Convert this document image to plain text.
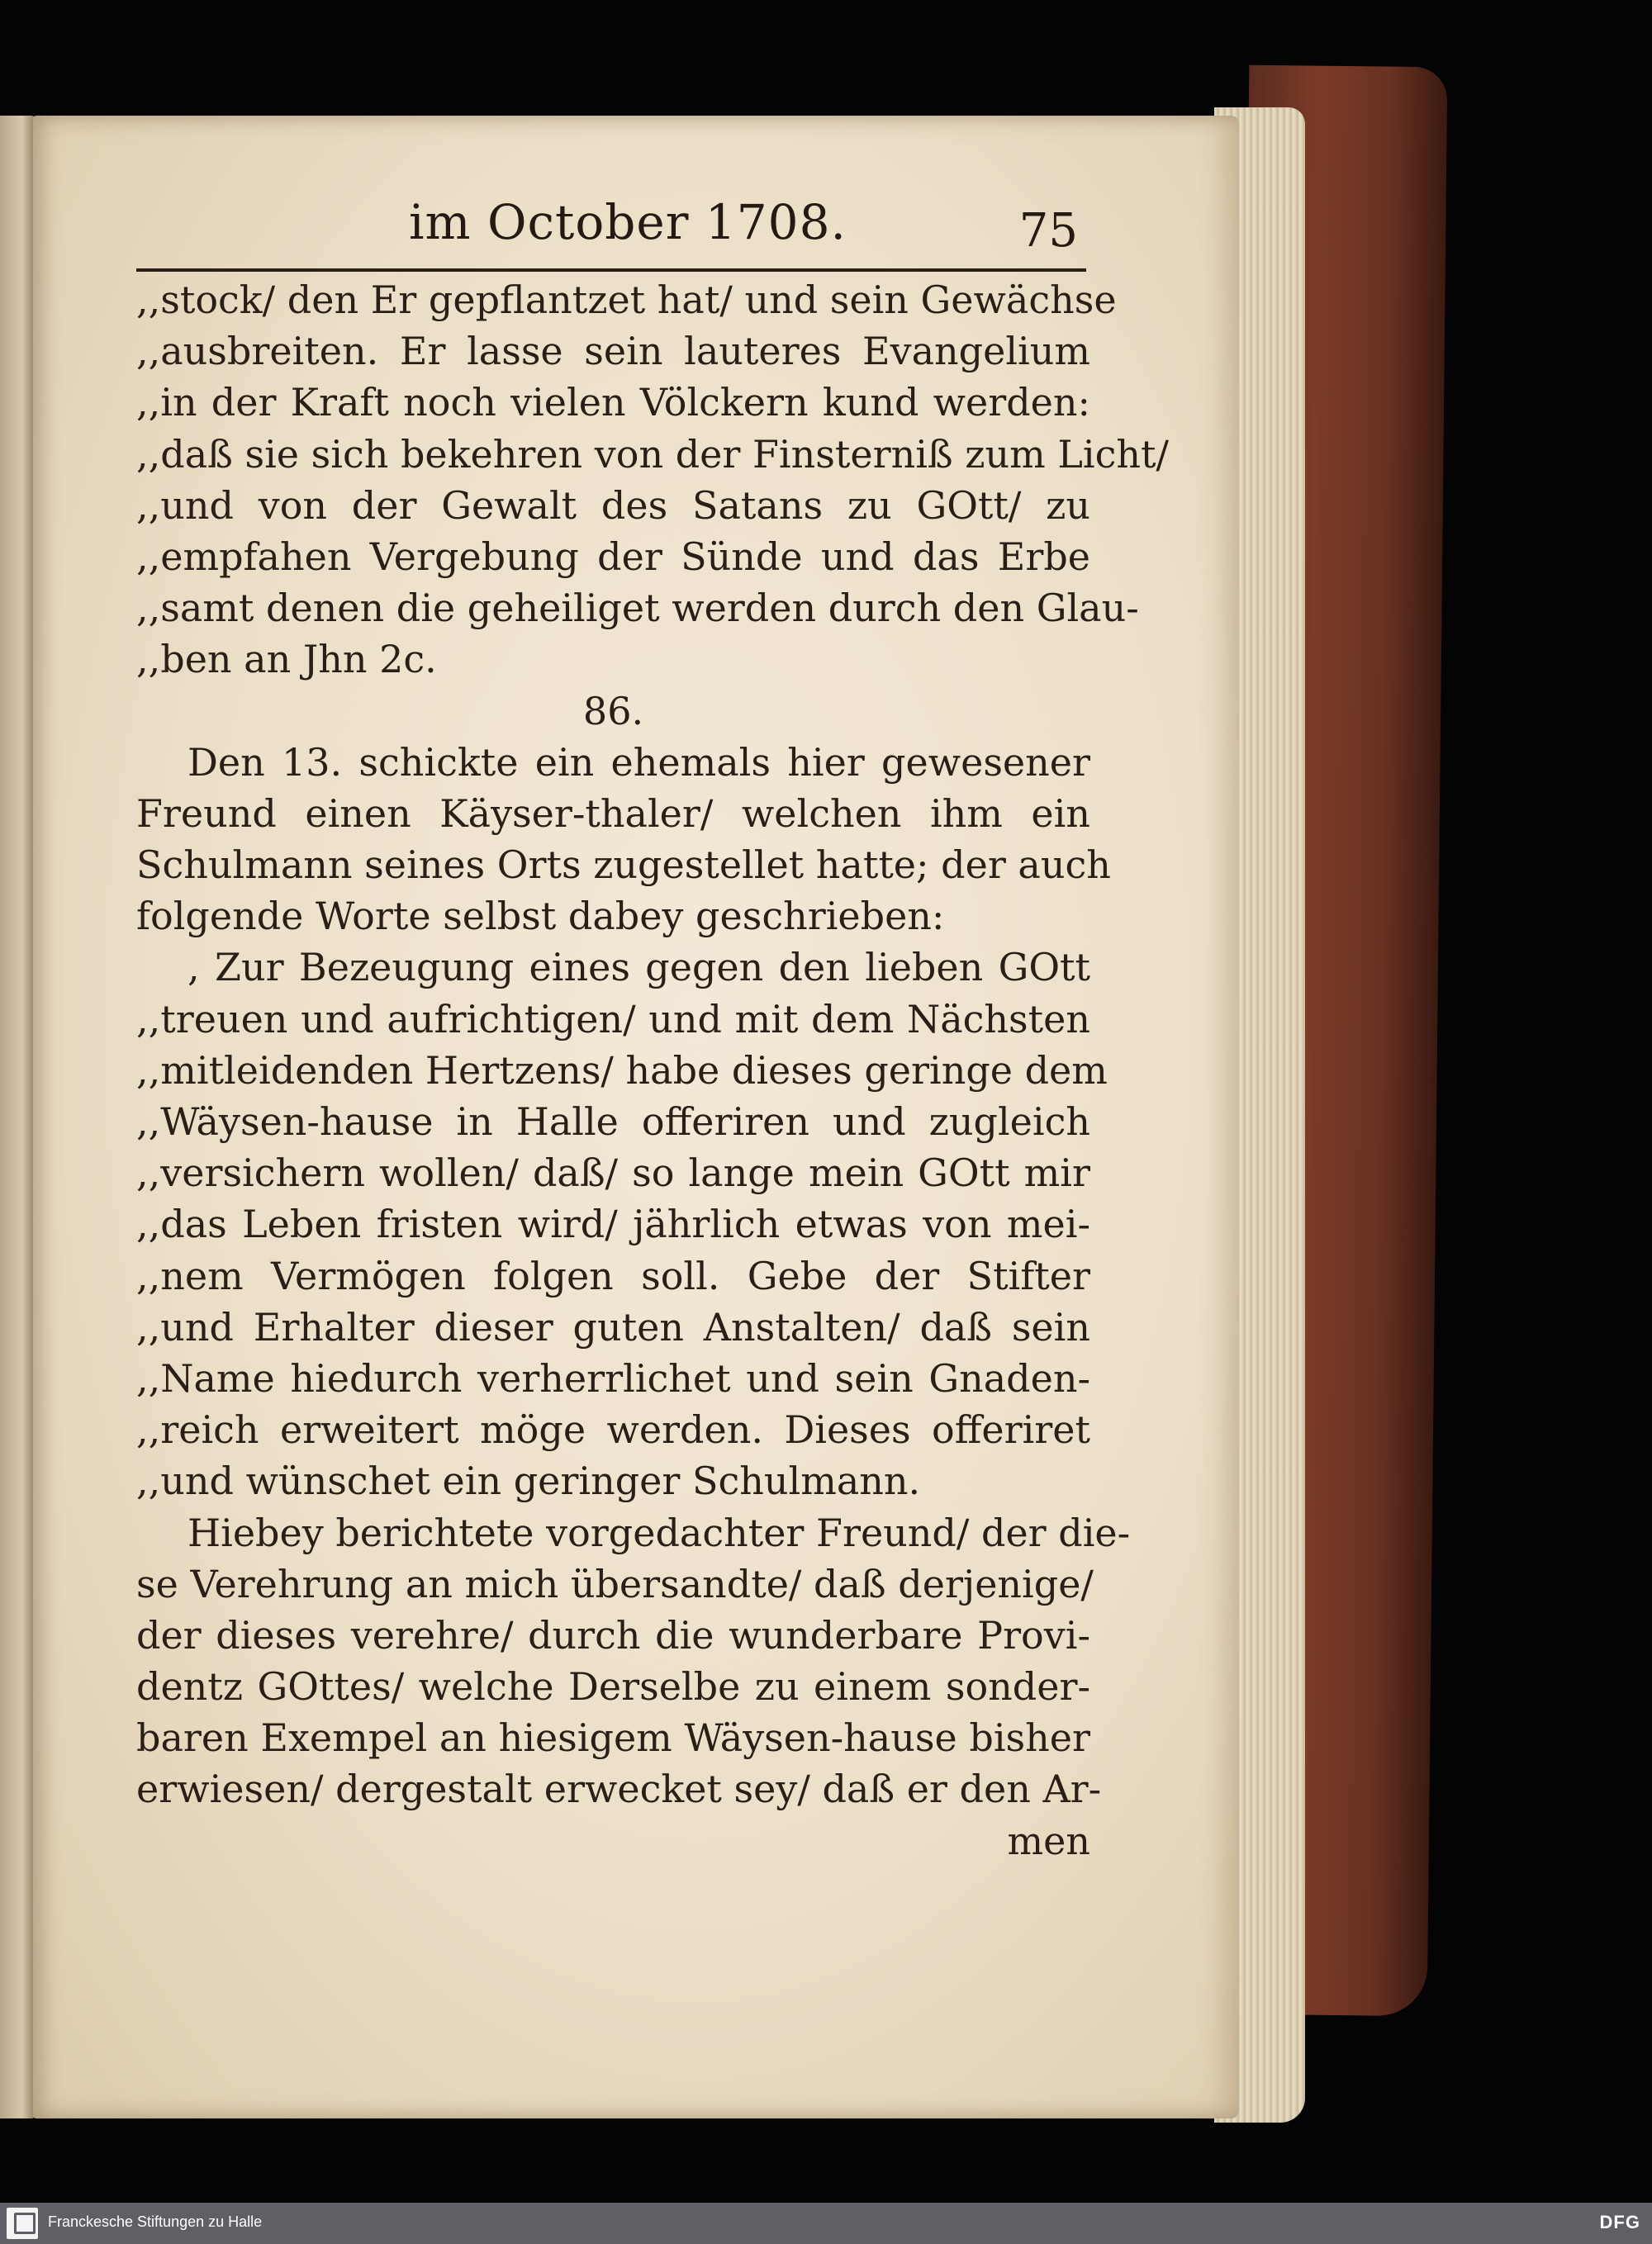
im October 1708.	75
,,stock/ den Er gepflantzet hat/ und sein Gewächse
,,ausbreiten. Er lasse sein lauteres Evangelium
,,in der Kraft noch vielen Völckern kund werden:
,,daß sie sich bekehren von der Finsterniß zum Licht/
,,und von der Gewalt des Satans zu GOtt/ zu
,,empfahen Vergebung der Sünde und das Erbe
,,samt denen die geheiliget werden durch den Glau-
,,ben an Jhn 2c.
86.
Den 13. schickte ein ehemals hier gewesener
Freund einen Käyser-thaler/ welchen ihm ein
Schulmann seines Orts zugestellet hatte; der auch
folgende Worte selbst dabey geschrieben:
, Zur Bezeugung eines gegen den lieben GOtt
,,treuen und aufrichtigen/ und mit dem Nächsten
,,mitleidenden Hertzens/ habe dieses geringe dem
,,Wäysen-hause in Halle offeriren und zugleich
,,versichern wollen/ daß/ so lange mein GOtt mir
,,das Leben fristen wird/ jährlich etwas von mei-
,,nem Vermögen folgen soll. Gebe der Stifter
,,und Erhalter dieser guten Anstalten/ daß sein
,,Name hiedurch verherrlichet und sein Gnaden-
,,reich erweitert möge werden. Dieses offeriret
,,und wünschet ein geringer Schulmann.
Hiebey berichtete vorgedachter Freund/ der die-
se Verehrung an mich übersandte/ daß derjenige/
der dieses verehre/ durch die wunderbare Provi-
dentz GOttes/ welche Derselbe zu einem sonder-
baren Exempel an hiesigem Wäysen-hause bisher
erwiesen/ dergestalt erwecket sey/ daß er den Ar-
men
Franckesche Stiftungen zu Halle	DFG
